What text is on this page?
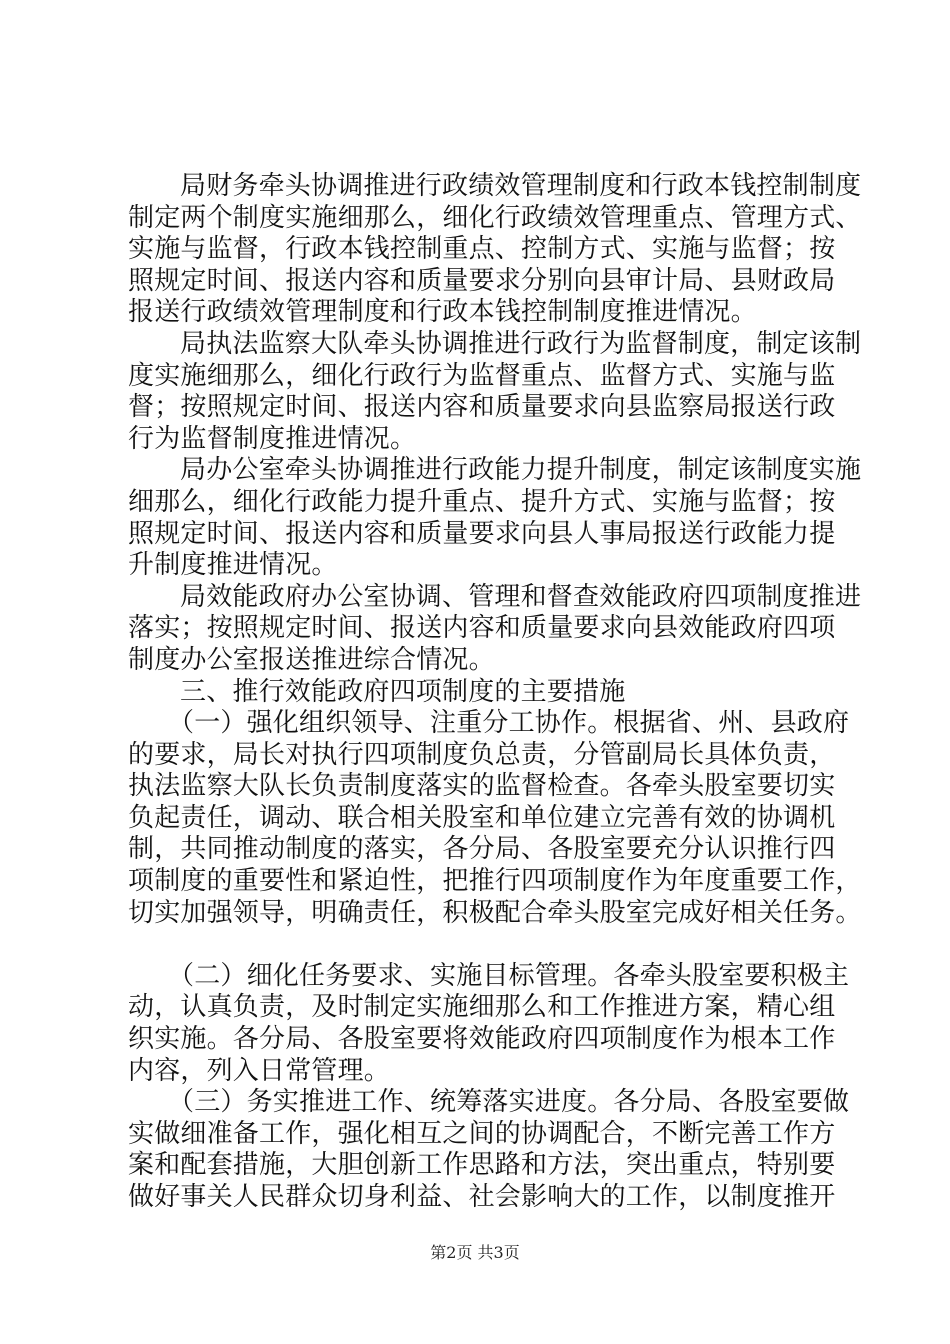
局财务牵头协调推进行政绩效管理制度和行政本钱控制制度
制定两个制度实施细那么，细化行政绩效管理重点、管理方式、
实施与监督，行政本钱控制重点、控制方式、实施与监督；按
照规定时间、报送内容和质量要求分别向县审计局、县财政局
报送行政绩效管理制度和行政本钱控制制度推进情况。
局执法监察大队牵头协调推进行政行为监督制度，制定该制
度实施细那么，细化行政行为监督重点、监督方式、实施与监
督；按照规定时间、报送内容和质量要求向县监察局报送行政
行为监督制度推进情况。
局办公室牵头协调推进行政能力提升制度，制定该制度实施
细那么，细化行政能力提升重点、提升方式、实施与监督；按
照规定时间、报送内容和质量要求向县人事局报送行政能力提
升制度推进情况。
局效能政府办公室协调、管理和督查效能政府四项制度推进
落实；按照规定时间、报送内容和质量要求向县效能政府四项
制度办公室报送推进综合情况。
三、推行效能政府四项制度的主要措施
（一）强化组织领导、注重分工协作。根据省、州、县政府
的要求，局长对执行四项制度负总责，分管副局长具体负责，
执法监察大队长负责制度落实的监督检查。各牵头股室要切实
负起责任，调动、联合相关股室和单位建立完善有效的协调机
制，共同推动制度的落实，各分局、各股室要充分认识推行四
项制度的重要性和紧迫性，把推行四项制度作为年度重要工作，
切实加强领导，明确责任，积极配合牵头股室完成好相关任务。
（二）细化任务要求、实施目标管理。各牵头股室要积极主
动，认真负责，及时制定实施细那么和工作推进方案，精心组
织实施。各分局、各股室要将效能政府四项制度作为根本工作
内容，列入日常管理。
（三）务实推进工作、统筹落实进度。各分局、各股室要做
实做细准备工作，强化相互之间的协调配合，不断完善工作方
案和配套措施，大胆创新工作思路和方法，突出重点，特别要
做好事关人民群众切身利益、社会影响大的工作，以制度推开
第2页 共3页
